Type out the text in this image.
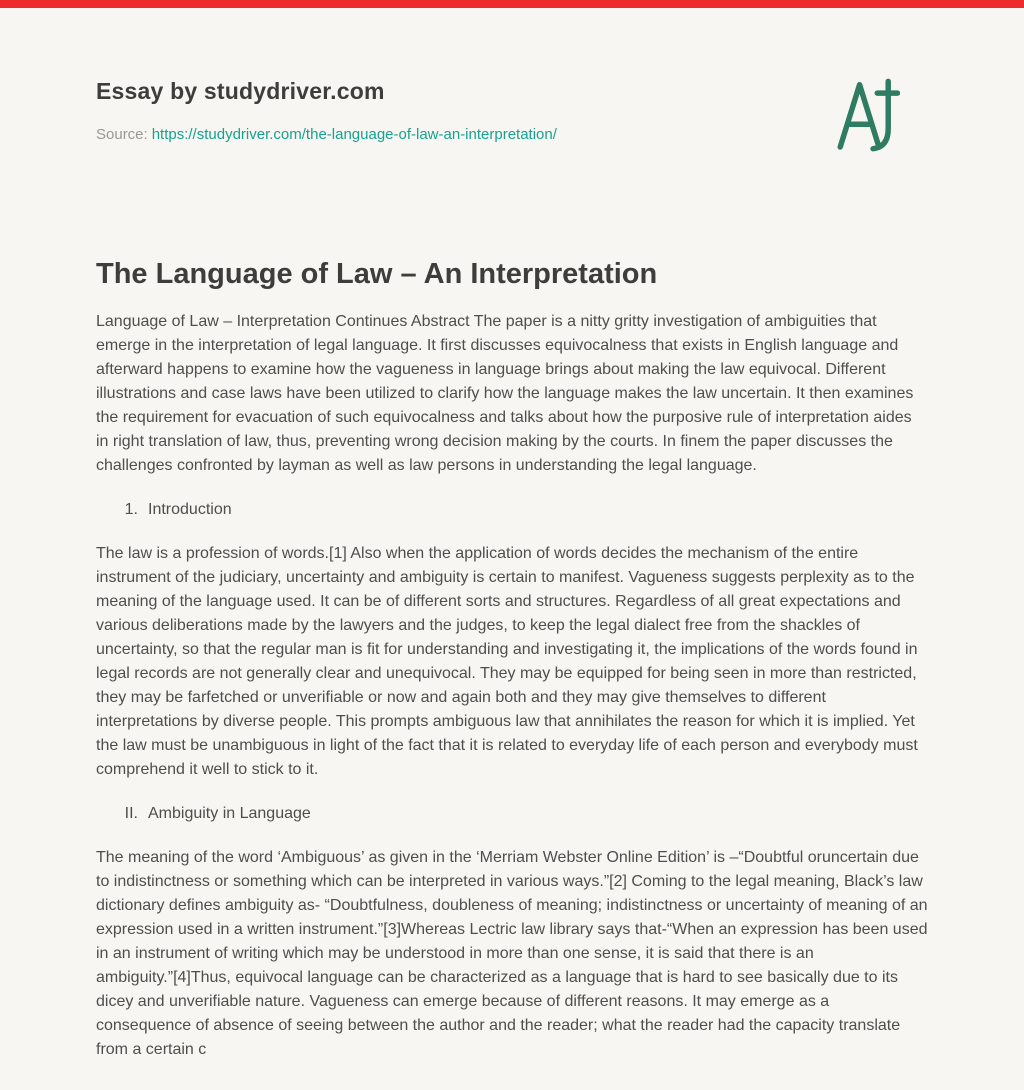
Essay by studydriver.com
Source: https://studydriver.com/the-language-of-law-an-interpretation/
The Language of Law – An Interpretation

Language of Law – Interpretation Continues Abstract The paper is a nitty gritty investigation of ambiguities that emerge in the interpretation of legal language. It first discusses equivocalness that exists in English language and afterward happens to examine how the vagueness in language brings about making the law equivocal. Different illustrations and case laws have been utilized to clarify how the language makes the law uncertain. It then examines the requirement for evacuation of such equivocalness and talks about how the purposive rule of interpretation aides in right translation of law, thus, preventing wrong decision making by the courts. In finem the paper discusses the challenges confronted by layman as well as law persons in understanding the legal language.

1. Introduction

The law is a profession of words.[1] Also when the application of words decides the mechanism of the entire instrument of the judiciary, uncertainty and ambiguity is certain to manifest. Vagueness suggests perplexity as to the meaning of the language used. It can be of different sorts and structures. Regardless of all great expectations and various deliberations made by the lawyers and the judges, to keep the legal dialect free from the shackles of uncertainty, so that the regular man is fit for understanding and investigating it, the implications of the words found in legal records are not generally clear and unequivocal. They may be equipped for being seen in more than restricted, they may be farfetched or unverifiable or now and again both and they may give themselves to different interpretations by diverse people. This prompts ambiguous law that annihilates the reason for which it is implied. Yet the law must be unambiguous in light of the fact that it is related to everyday life of each person and everybody must comprehend it well to stick to it.

II. Ambiguity in Language

The meaning of the word ‘Ambiguous’ as given in the ‘Merriam Webster Online Edition’ is –“Doubtful oruncertain due to indistinctness or something which can be interpreted in various ways.”[2] Coming to the legal meaning, Black’s law dictionary defines ambiguity as- “Doubtfulness, doubleness of meaning; indistinctness or uncertainty of meaning of an expression used in a written instrument.”[3]Whereas Lectric law library says that-“When an expression has been used in an instrument of writing which may be understood in more than one sense, it is said that there is an ambiguity.”[4]Thus, equivocal language can be characterized as a language that is hard to see basically due to its dicey and unverifiable nature. Vagueness can emerge because of different reasons. It may emerge as a consequence of absence of seeing between the author and the reader; what the reader had the capacity translate from a certain c
